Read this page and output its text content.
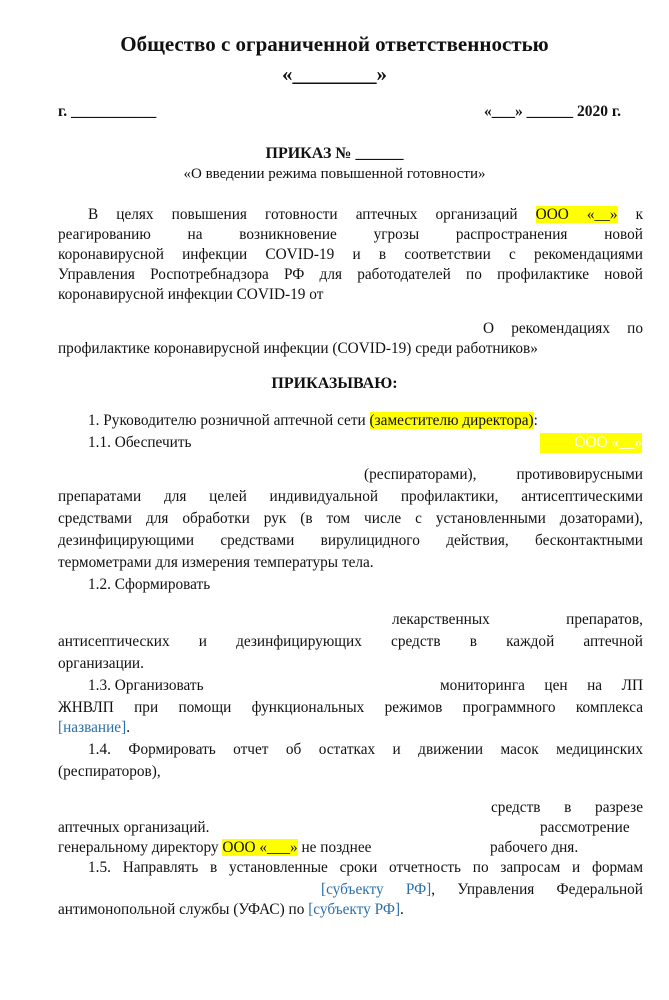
Общество с ограниченной ответственностью
«________»
г. ___________	«___» ______ 2020 г.
ПРИКАЗ № ______
«О введении режима повышенной готовности»
В целях повышения готовности аптечных организаций ООО «__» к
реагированию на возникновение угрозы распространения новой
коронавирусной инфекции COVID-19 и в соответствии с рекомендациями
Управления Роспотребнадзора РФ для работодателей по профилактике новой
коронавирусной инфекции COVID-19 от
О рекомендациях по
профилактике коронавирусной инфекции (COVID-19) среди работников»
ПРИКАЗЫВАЮ:
1. Руководителю розничной аптечной сети (заместителю директора):
1.1. Обеспечить	ООО «__»
(респираторами), противовирусными
препаратами для целей индивидуальной профилактики, антисептическими
средствами для обработки рук (в том числе с установленными дозаторами),
дезинфицирующими средствами вирулицидного действия, бесконтактными
термометрами для измерения температуры тела.
1.2. Сформировать
лекарственных препаратов,
антисептических и дезинфицирующих средств в каждой аптечной
организации.
1.3. Организовать	мониторинга цен на ЛП
ЖНВЛП при помощи функциональных режимов программного комплекса
[название].
1.4. Формировать отчет об остатках и движении масок медицинских
(респираторов),
средств в разрезе
аптечных организаций.	рассмотрение
генеральному директору ООО «___» не позднее	рабочего дня.
1.5. Направлять в установленные сроки отчетность по запросам и формам
[субъекту РФ], Управления Федеральной
антимонопольной службы (УФАС) по [субъекту РФ].
